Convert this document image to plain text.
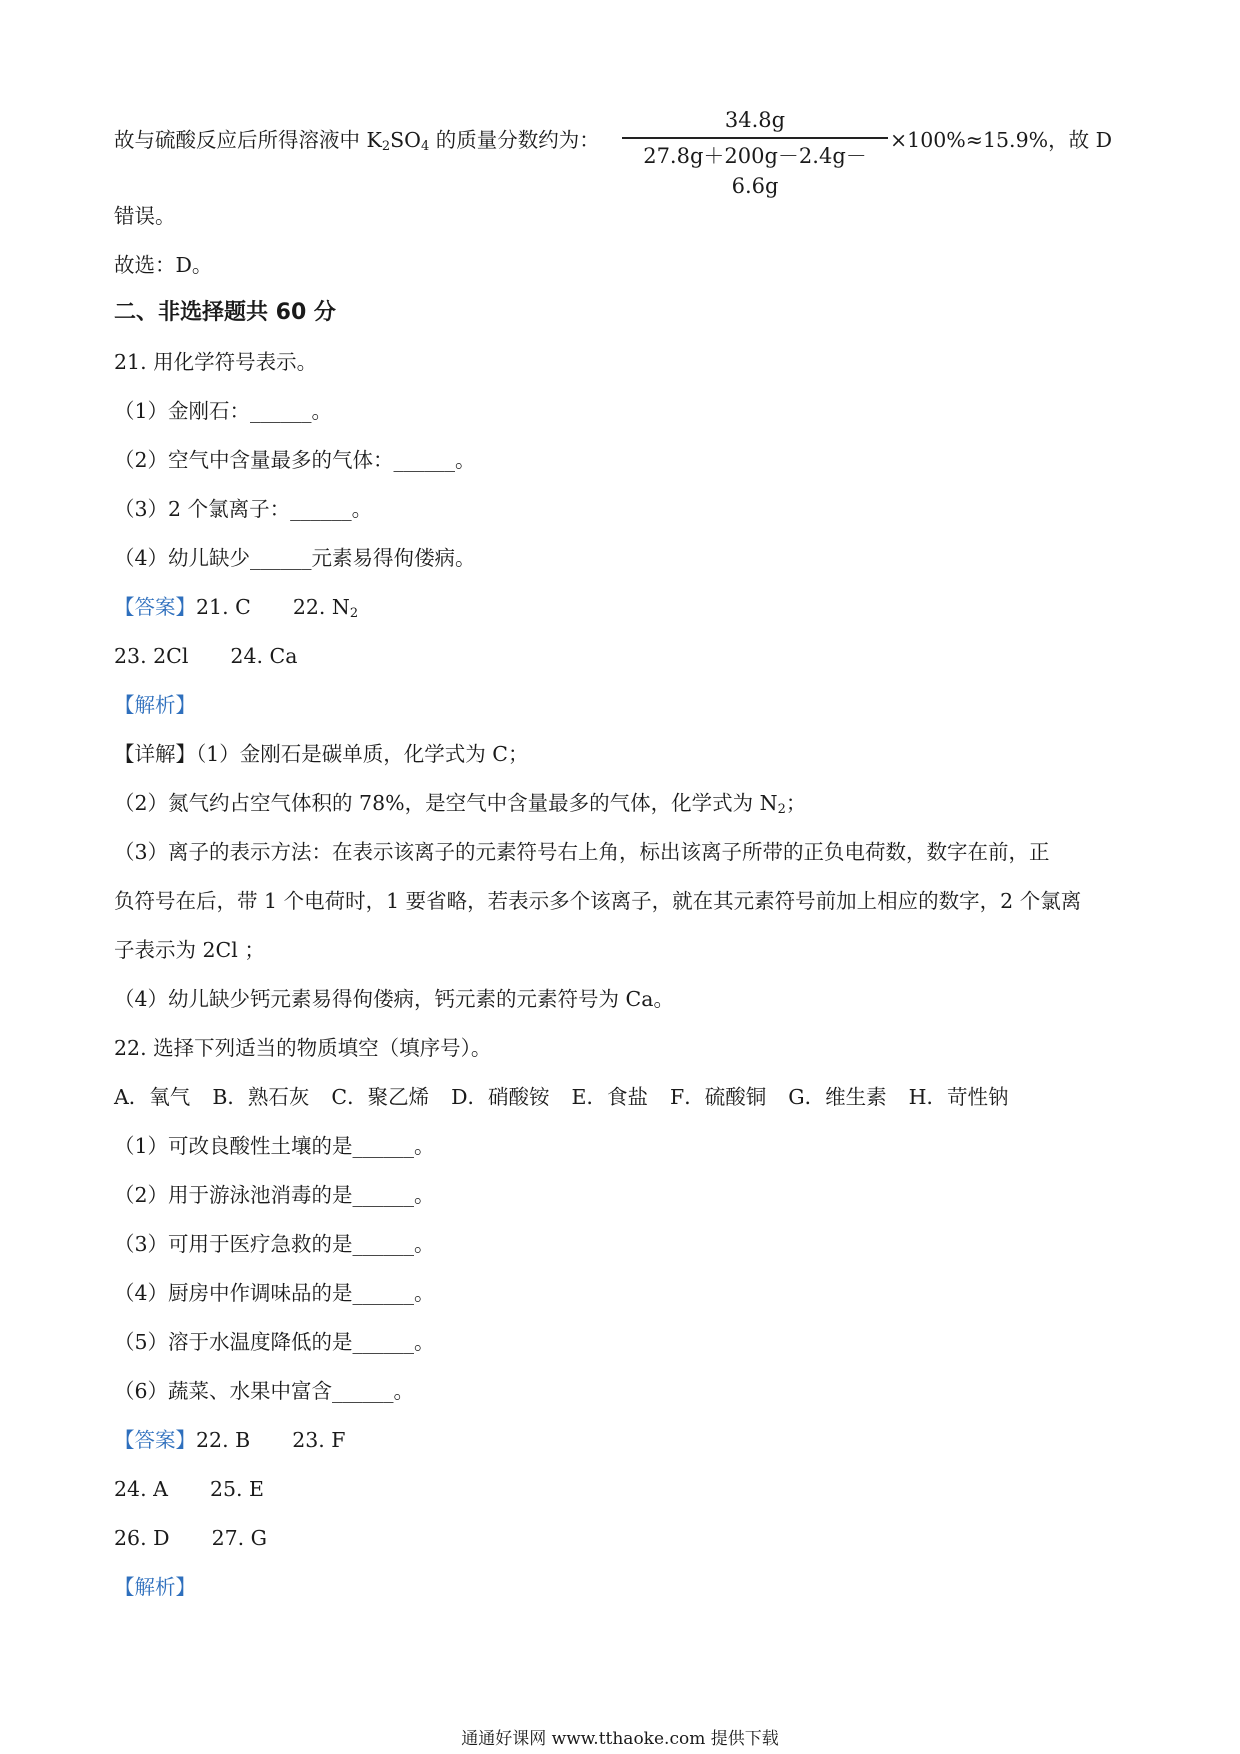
故与硫酸反应后所得溶液中 $K_2SO_4$ 的质量分数约为：
34.8g
27.8g＋200g－2.4g－6.6g
×100%≈15.9%，故 D
错误。
故选：D。
二、非选择题共 60 分
21. 用化学符号表示。
（1）金刚石：______。
（2）空气中含量最多的气体：______。
（3）2 个氯离子：______。
（4）幼儿缺少______元素易得佝偻病。
【答案】21. C 22. $N_2$
23. 2Cl 24. Ca
【解析】
【详解】（1）金刚石是碳单质，化学式为 C；
（2）氮气约占空气体积的 78%，是空气中含量最多的气体，化学式为 $N_2$；
（3）离子的表示方法：在表示该离子的元素符号右上角，标出该离子所带的正负电荷数，数字在前，正
负符号在后，带 1 个电荷时，1 要省略，若表示多个该离子，就在其元素符号前加上相应的数字，2 个氯离
子表示为 2Cl ；
（4）幼儿缺少钙元素易得佝偻病，钙元素的元素符号为 Ca。
22. 选择下列适当的物质填空（填序号）。
A．氧气 B．熟石灰 C．聚乙烯 D．硝酸铵 E．食盐 F．硫酸铜 G．维生素 H．苛性钠
（1）可改良酸性土壤的是______。
（2）用于游泳池消毒的是______。
（3）可用于医疗急救的是______。
（4）厨房中作调味品的是______。
（5）溶于水温度降低的是______。
（6）蔬菜、水果中富含______。
【答案】22. B 23. F
24. A 25. E
26. D 27. G
【解析】
通通好课网 www.tthaoke.com 提供下载
